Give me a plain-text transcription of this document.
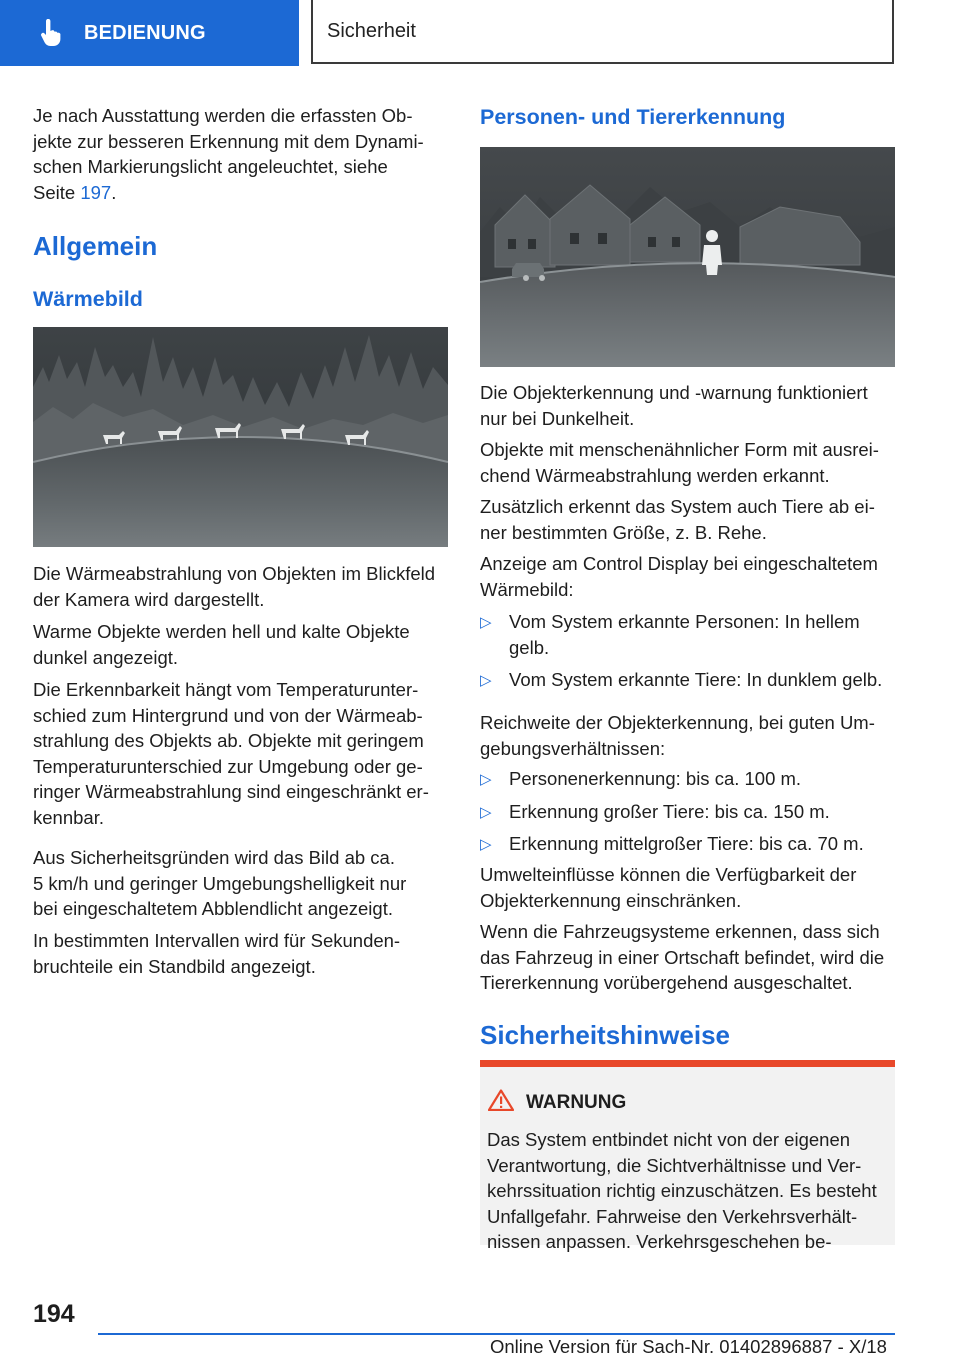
BEDIENUNG	Sicherheit

Je nach Ausstattung werden die erfassten Ob-
jekte zur besseren Erkennung mit dem Dynami-
schen Markierungslicht angeleuchtet, siehe
Seite 197.

Allgemein
Wärmebild

Die Wärmeabstrahlung von Objekten im Blickfeld
der Kamera wird dargestellt.

Warme Objekte werden hell und kalte Objekte
dunkel angezeigt.

Die Erkennbarkeit hängt vom Temperaturunter-
schied zum Hintergrund und von der Wärmeab-
strahlung des Objekts ab. Objekte mit geringem
Temperaturunterschied zur Umgebung oder ge-
ringer Wärmeabstrahlung sind eingeschränkt er-
kennbar.

Aus Sicherheitsgründen wird das Bild ab ca.
5 km/h und geringer Umgebungshelligkeit nur
bei eingeschaltetem Abblendlicht angezeigt.

In bestimmten Intervallen wird für Sekunden-
bruchteile ein Standbild angezeigt.

Personen- und Tiererkennung

Die Objekterkennung und -warnung funktioniert
nur bei Dunkelheit.

Objekte mit menschenähnlicher Form mit ausrei-
chend Wärmeabstrahlung werden erkannt.

Zusätzlich erkennt das System auch Tiere ab ei-
ner bestimmten Größe, z. B. Rehe.

Anzeige am Control Display bei eingeschaltetem
Wärmebild:

▷ Vom System erkannte Personen: In hellem
gelb.
▷ Vom System erkannte Tiere: In dunklem gelb.

Reichweite der Objekterkennung, bei guten Um-
gebungsverhältnissen:

▷ Personenerkennung: bis ca. 100 m.
▷ Erkennung großer Tiere: bis ca. 150 m.
▷ Erkennung mittelgroßer Tiere: bis ca. 70 m.

Umwelteinflüsse können die Verfügbarkeit der
Objekterkennung einschränken.

Wenn die Fahrzeugsysteme erkennen, dass sich
das Fahrzeug in einer Ortschaft befindet, wird die
Tiererkennung vorübergehend ausgeschaltet.

Sicherheitshinweise
WARNUNG

Das System entbindet nicht von der eigenen
Verantwortung, die Sichtverhältnisse und Ver-
kehrssituation richtig einzuschätzen. Es besteht
Unfallgefahr. Fahrweise den Verkehrsverhält-
nissen anpassen. Verkehrsgeschehen be-

194
Online Version für Sach-Nr. 01402896887 - X/18
